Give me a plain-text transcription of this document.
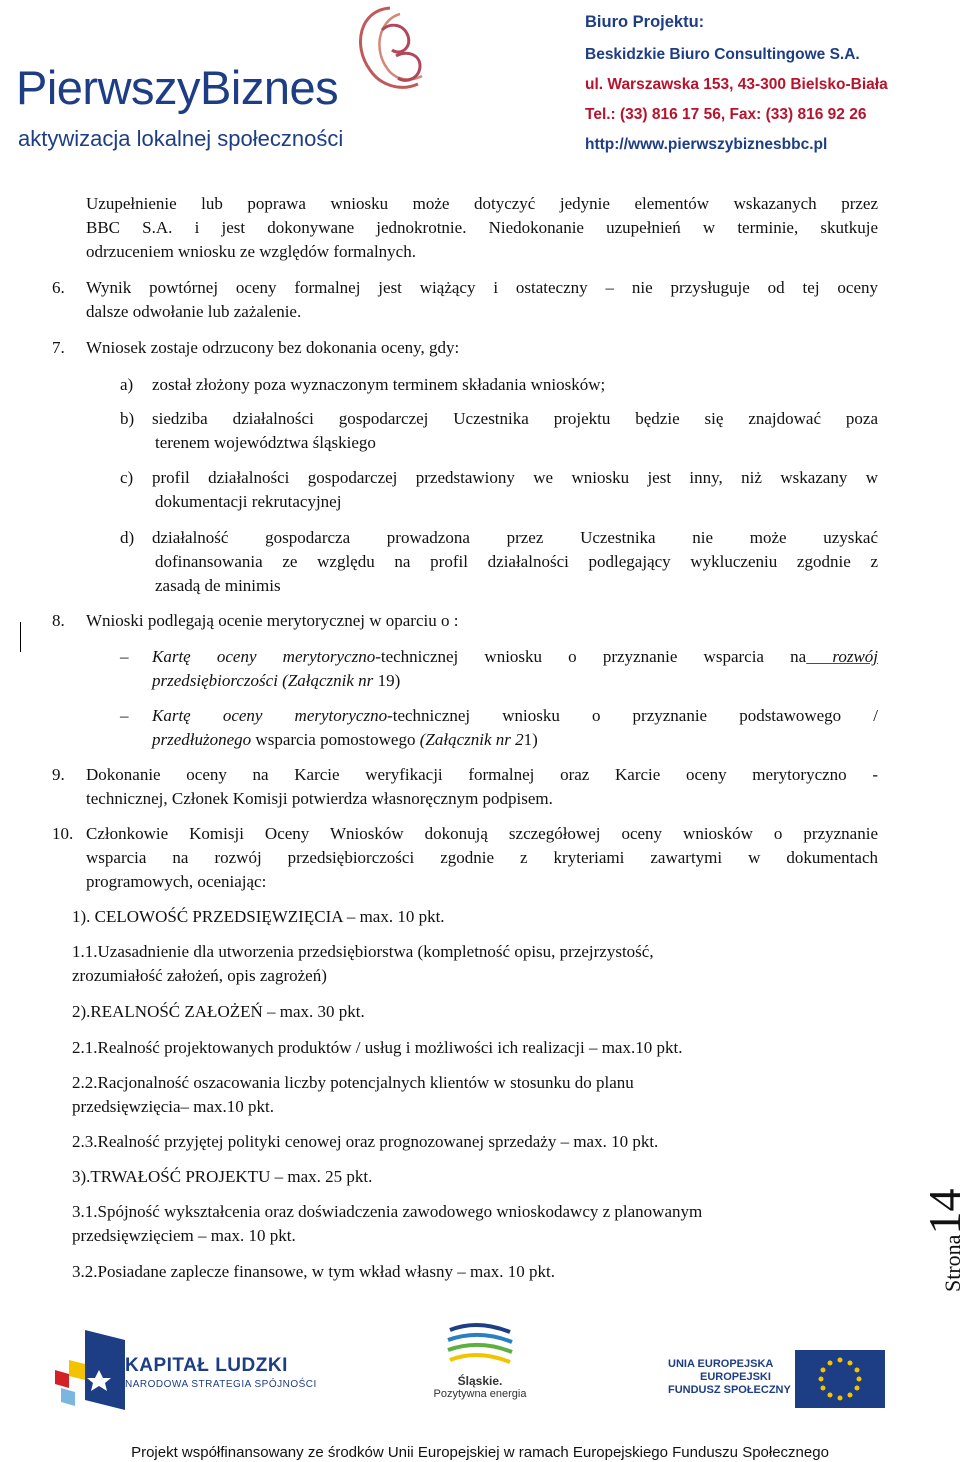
PierwszyBiznes
aktywizacja lokalnej społeczności
Biuro Projektu:
Beskidzkie Biuro Consultingowe S.A.
ul. Warszawska 153, 43-300 Bielsko-Biała
Tel.: (33) 816 17 56, Fax: (33) 816 92 26
http://www.pierwszybiznesbbc.pl
Uzupełnienie lub poprawa wniosku może dotyczyć jedynie elementów wskazanych przez
BBC S.A. i jest dokonywane jednokrotnie. Niedokonanie uzupełnień w terminie, skutkuje
odrzuceniem wniosku ze względów formalnych.
6. Wynik powtórnej oceny formalnej jest wiążący i ostateczny – nie przysługuje od tej oceny
dalsze odwołanie lub zażalenie.
7. Wniosek zostaje odrzucony bez dokonania oceny, gdy:
a) został złożony poza wyznaczonym terminem składania wniosków;
b) siedziba działalności gospodarczej Uczestnika projektu będzie się znajdować poza
terenem województwa śląskiego
c) profil działalności gospodarczej przedstawiony we wniosku jest inny, niż wskazany w
dokumentacji rekrutacyjnej
d) działalność gospodarcza prowadzona przez Uczestnika nie może uzyskać
dofinansowania ze względu na profil działalności podlegający wykluczeniu zgodnie z
zasadą de minimis
8. Wnioski podlegają ocenie merytorycznej w oparciu o :
– Kartę oceny merytoryczno-technicznej wniosku o przyznanie wsparcia na rozwój
przedsiębiorczości (Załącznik nr 19)
– Kartę oceny merytoryczno-technicznej wniosku o przyznanie podstawowego /
przedłużonego wsparcia pomostowego (Załącznik nr 21)
9. Dokonanie oceny na Karcie weryfikacji formalnej oraz Karcie oceny merytoryczno -
technicznej, Członek Komisji potwierdza własnoręcznym podpisem.
10. Członkowie Komisji Oceny Wniosków dokonują szczegółowej oceny wniosków o przyznanie
wsparcia na rozwój przedsiębiorczości zgodnie z kryteriami zawartymi w dokumentach
programowych, oceniając:
1). CELOWOŚĆ PRZEDSIĘWZIĘCIA – max. 10 pkt.
1.1.Uzasadnienie dla utworzenia przedsiębiorstwa (kompletność opisu, przejrzystość,
zrozumiałość założeń, opis zagrożeń)
2).REALNOŚĆ ZAŁOŻEŃ – max. 30 pkt.
2.1.Realność projektowanych produktów / usług i możliwości ich realizacji – max.10 pkt.
2.2.Racjonalność oszacowania liczby potencjalnych klientów w stosunku do planu
przedsięwzięcia– max.10 pkt.
2.3.Realność przyjętej polityki cenowej oraz prognozowanej sprzedaży – max. 10 pkt.
3).TRWAŁOŚĆ PROJEKTU – max. 25 pkt.
3.1.Spójność wykształcenia oraz doświadczenia zawodowego wnioskodawcy z planowanym
przedsięwzięciem – max. 10 pkt.
3.2.Posiadane zaplecze finansowe, w tym wkład własny – max. 10 pkt.	Strona14
KAPITAŁ LUDZKI
NARODOWA STRATEGIA SPÓJNOŚCI	Śląskie.
Pozytywna energia
UNIA EUROPEJSKA
EUROPEJSKI
FUNDUSZ SPOŁECZNY
Projekt współfinansowany ze środków Unii Europejskiej w ramach Europejskiego Funduszu Społecznego
